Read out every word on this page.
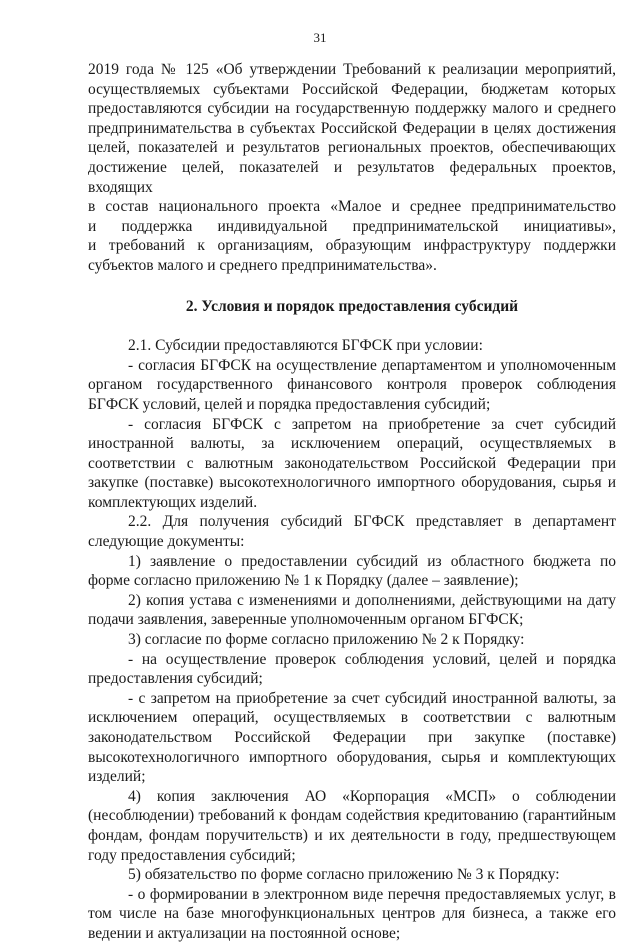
31
2019 года № 125 «Об утверждении Требований к реализации мероприятий,
осуществляемых субъектами Российской Федерации, бюджетам которых
предоставляются субсидии на государственную поддержку малого и среднего
предпринимательства в субъектах Российской Федерации в целях достижения
целей, показателей и результатов региональных проектов, обеспечивающих
достижение целей, показателей и результатов федеральных проектов, входящих
в состав национального проекта «Малое и среднее предпринимательство
и поддержка индивидуальной предпринимательской инициативы»,
и требований к организациям, образующим инфраструктуру поддержки
субъектов малого и среднего предпринимательства».
2. Условия и порядок предоставления субсидий

2.1. Субсидии предоставляются БГФСК при условии:

- согласия БГФСК на осуществление департаментом и уполномоченным органом государственного финансового контроля проверок соблюдения БГФСК условий, целей и порядка предоставления субсидий;

- согласия БГФСК с запретом на приобретение за счет субсидий иностранной валюты, за исключением операций, осуществляемых в соответствии с валютным законодательством Российской Федерации при закупке (поставке) высокотехнологичного импортного оборудования, сырья и комплектующих изделий.

2.2. Для получения субсидий БГФСК представляет в департамент следующие документы:

1) заявление о предоставлении субсидий из областного бюджета по форме согласно приложению № 1 к Порядку (далее – заявление);

2) копия устава с изменениями и дополнениями, действующими на дату подачи заявления, заверенные уполномоченным органом БГФСК;

3) согласие по форме согласно приложению № 2 к Порядку:

- на осуществление проверок соблюдения условий, целей и порядка предоставления субсидий;

- с запретом на приобретение за счет субсидий иностранной валюты, за исключением операций, осуществляемых в соответствии с валютным законодательством Российской Федерации при закупке (поставке) высокотехнологичного импортного оборудования, сырья и комплектующих изделий;

4) копия заключения АО «Корпорация «МСП» о соблюдении (несоблюдении) требований к фондам содействия кредитованию (гарантийным фондам, фондам поручительств) и их деятельности в году, предшествующем году предоставления субсидий;

5) обязательство по форме согласно приложению № 3 к Порядку:

- о формировании в электронном виде перечня предоставляемых услуг, в том числе на базе многофункциональных центров для бизнеса, а также его ведении и актуализации на постоянной основе;
